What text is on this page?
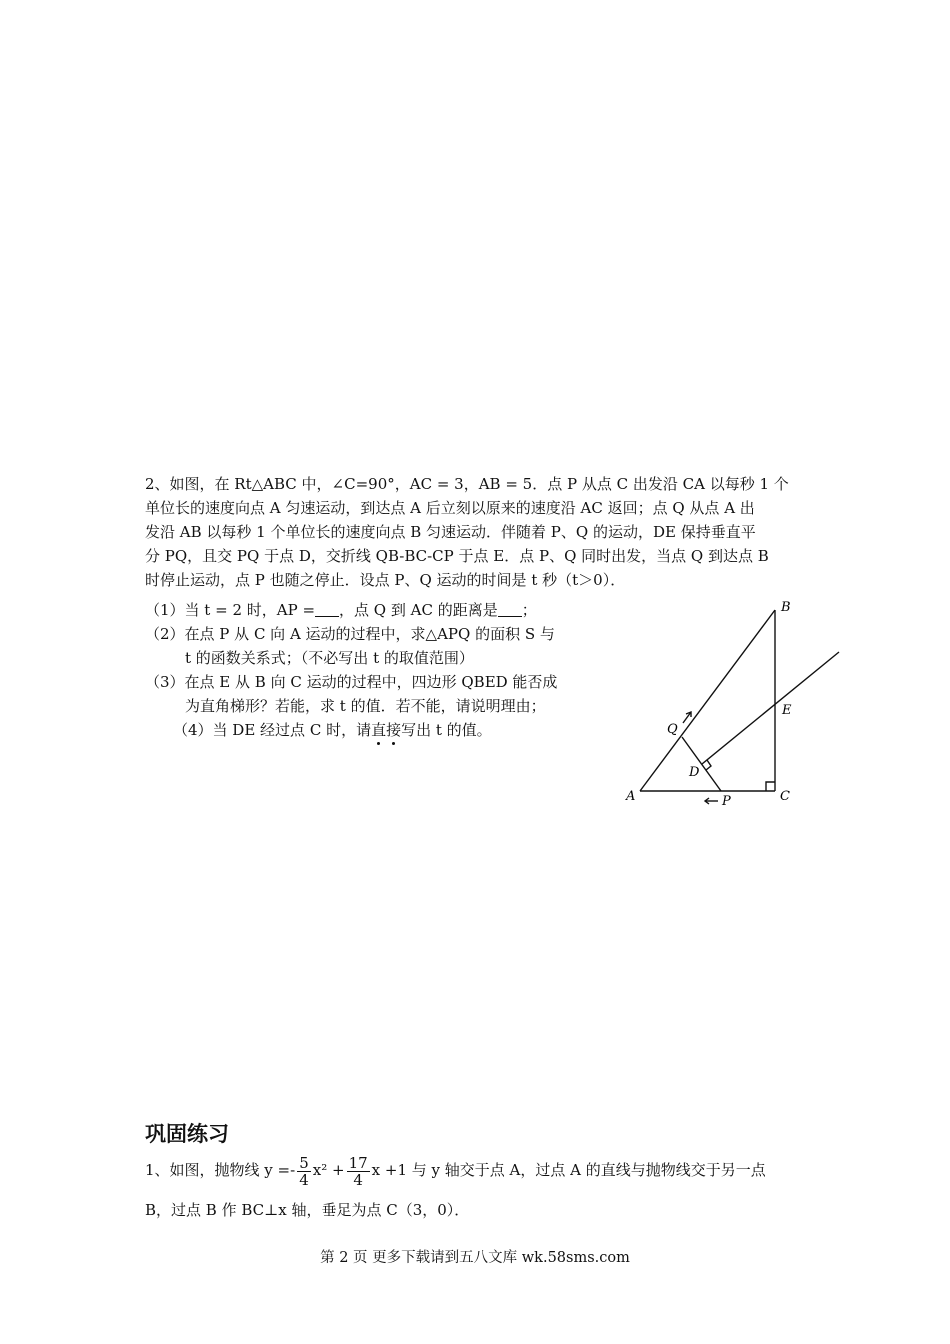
2、如图，在 Rt△ABC 中，∠C=90°，AC = 3，AB = 5．点 P 从点 C 出发沿 CA 以每秒 1 个
单位长的速度向点 A 匀速运动，到达点 A 后立刻以原来的速度沿 AC 返回；点 Q 从点 A 出
发沿 AB 以每秒 1 个单位长的速度向点 B 匀速运动．伴随着 P、Q 的运动，DE 保持垂直平
分 PQ，且交 PQ 于点 D，交折线 QB-BC-CP 于点 E．点 P、Q 同时出发，当点 Q 到达点 B
时停止运动，点 P 也随之停止．设点 P、Q 运动的时间是 t 秒（t＞0）．
（1）当 t = 2 时，AP = ，点 Q 到 AC 的距离是 ；
（2）在点 P 从 C 向 A 运动的过程中，求△APQ 的面积 S 与
t 的函数关系式；（不必写出 t 的取值范围）
（3）在点 E 从 B 向 C 运动的过程中，四边形 QBED 能否成
为直角梯形？若能，求 t 的值．若不能，请说明理由；
（4）当 DE 经过点 C 时，请直接写出 t 的值。
B
E
Q
D
A	P	C
巩固练习
1、如图，抛物线 $y =- \frac{5}{4} x^2 + \frac{17}{4}$ x +1 与 y 轴交于点 A，过点 A 的直线与抛物线交于另一点
B，过点 B 作 BC⊥x 轴，垂足为点 C（3，0）．
第 2 页 更多下载请到五八文库 wk.58sms.com
